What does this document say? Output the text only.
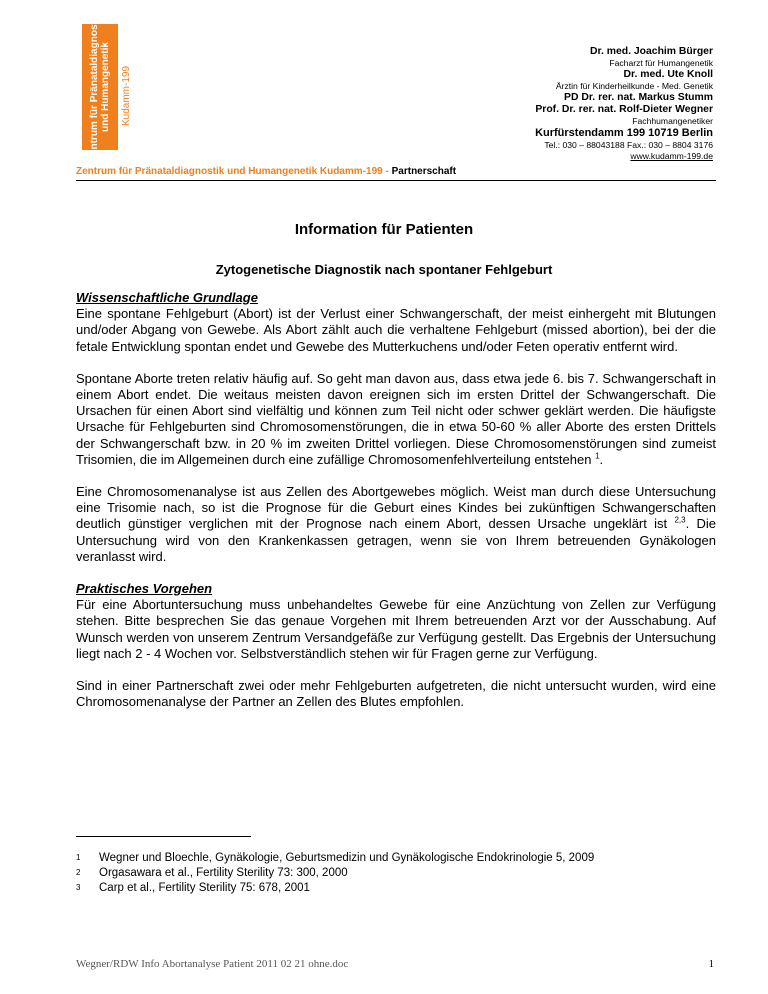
Zentrum für Pränataldiagnostik und Humangenetik Kudamm-199
Dr. med. Joachim Bürger
Facharzt für Humangenetik
Dr. med. Ute Knoll
Ärztin für Kinderheilkunde - Med. Genetik
PD Dr. rer. nat. Markus Stumm
Prof. Dr. rer. nat. Rolf-Dieter Wegner
Fachhumangenetiker
Kurfürstendamm 199 10719 Berlin
Tel.: 030 – 88043188 Fax.: 030 – 8804 3176
www.kudamm-199.de
Zentrum für Pränataldiagnostik und Humangenetik Kudamm-199 - Partnerschaft
Information für Patienten
Zytogenetische Diagnostik nach spontaner Fehlgeburt

Wissenschaftliche Grundlage
Eine spontane Fehlgeburt (Abort) ist der Verlust einer Schwangerschaft, der meist einhergeht mit Blutungen und/oder Abgang von Gewebe. Als Abort zählt auch die verhaltene Fehlgeburt (missed abortion), bei der die fetale Entwicklung spontan endet und Gewebe des Mutterkuchens und/oder Feten operativ entfernt wird.

Spontane Aborte treten relativ häufig auf. So geht man davon aus, dass etwa jede 6. bis 7. Schwangerschaft in einem Abort endet. Die weitaus meisten davon ereignen sich im ersten Drittel der Schwangerschaft. Die Ursachen für einen Abort sind vielfältig und können zum Teil nicht oder schwer geklärt werden. Die häufigste Ursache für Fehlgeburten sind Chromosomenstörungen, die in etwa 50-60 % aller Aborte des ersten Drittels der Schwangerschaft bzw. in 20 % im zweiten Drittel vorliegen. Diese Chromosomenstörungen sind zumeist Trisomien, die im Allgemeinen durch eine zufällige Chromosomenfehlverteilung entstehen $^1$.

Eine Chromosomenanalyse ist aus Zellen des Abortgewebes möglich. Weist man durch diese Untersuchung eine Trisomie nach, so ist die Prognose für die Geburt eines Kindes bei zukünftigen Schwangerschaften deutlich günstiger verglichen mit der Prognose nach einem Abort, dessen Ursache ungeklärt ist $^{2,3}$. Die Untersuchung wird von den Krankenkassen getragen, wenn sie von Ihrem betreuenden Gynäkologen veranlasst wird.

Praktisches Vorgehen
Für eine Abortuntersuchung muss unbehandeltes Gewebe für eine Anzüchtung von Zellen zur Verfügung stehen. Bitte besprechen Sie das genaue Vorgehen mit Ihrem betreuenden Arzt vor der Ausschabung. Auf Wunsch werden von unserem Zentrum Versandgefäße zur Verfügung gestellt. Das Ergebnis der Untersuchung liegt nach 2 - 4 Wochen vor. Selbstverständlich stehen wir für Fragen gerne zur Verfügung.

Sind in einer Partnerschaft zwei oder mehr Fehlgeburten aufgetreten, die nicht untersucht wurden, wird eine Chromosomenanalyse der Partner an Zellen des Blutes empfohlen.

1	Wegner und Bloechle, Gynäkologie, Geburtsmedizin und Gynäkologische Endokrinologie 5, 2009
2	Orgasawara et al., Fertility Sterility 73: 300, 2000
3	Carp et al., Fertility Sterility 75: 678, 2001
Wegner/RDW Info Abortanalyse Patient 2011 02 21 ohne.doc	1
